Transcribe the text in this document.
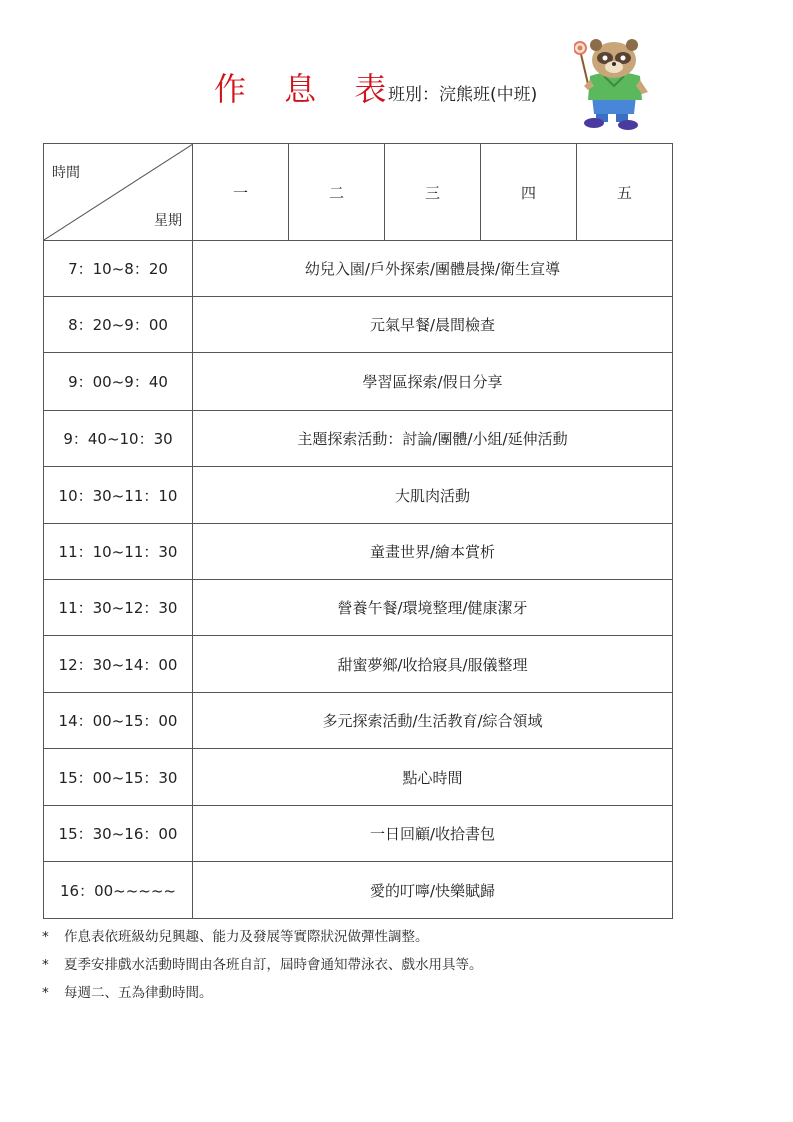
作 息 表
班別：浣熊班(中班)
時間
星期	一	二	三	四	五
7：10~8：20	幼兒入園/戶外探索/團體晨操/衛生宣導				
8：20~9：00	元氣早餐/晨間檢查				
9：00~9：40	學習區探索/假日分享				
9：40~10：30	主題探索活動：討論/團體/小組/延伸活動				
10：30~11：10	大肌肉活動				
11：10~11：30	童畫世界/繪本賞析				
11：30~12：30	營養午餐/環境整理/健康潔牙				
12：30~14：00	甜蜜夢鄉/收拾寢具/服儀整理				
14：00~15：00	多元探索活動/生活教育/綜合領域				
15：00~15：30	點心時間				
15：30~16：00	一日回顧/收拾書包				
16：00~~~~~	愛的叮嚀/快樂賦歸				
*	作息表依班級幼兒興趣、能力及發展等實際狀況做彈性調整。
*	夏季安排戲水活動時間由各班自訂，屆時會通知帶泳衣、戲水用具等。
*	每週二、五為律動時間。
